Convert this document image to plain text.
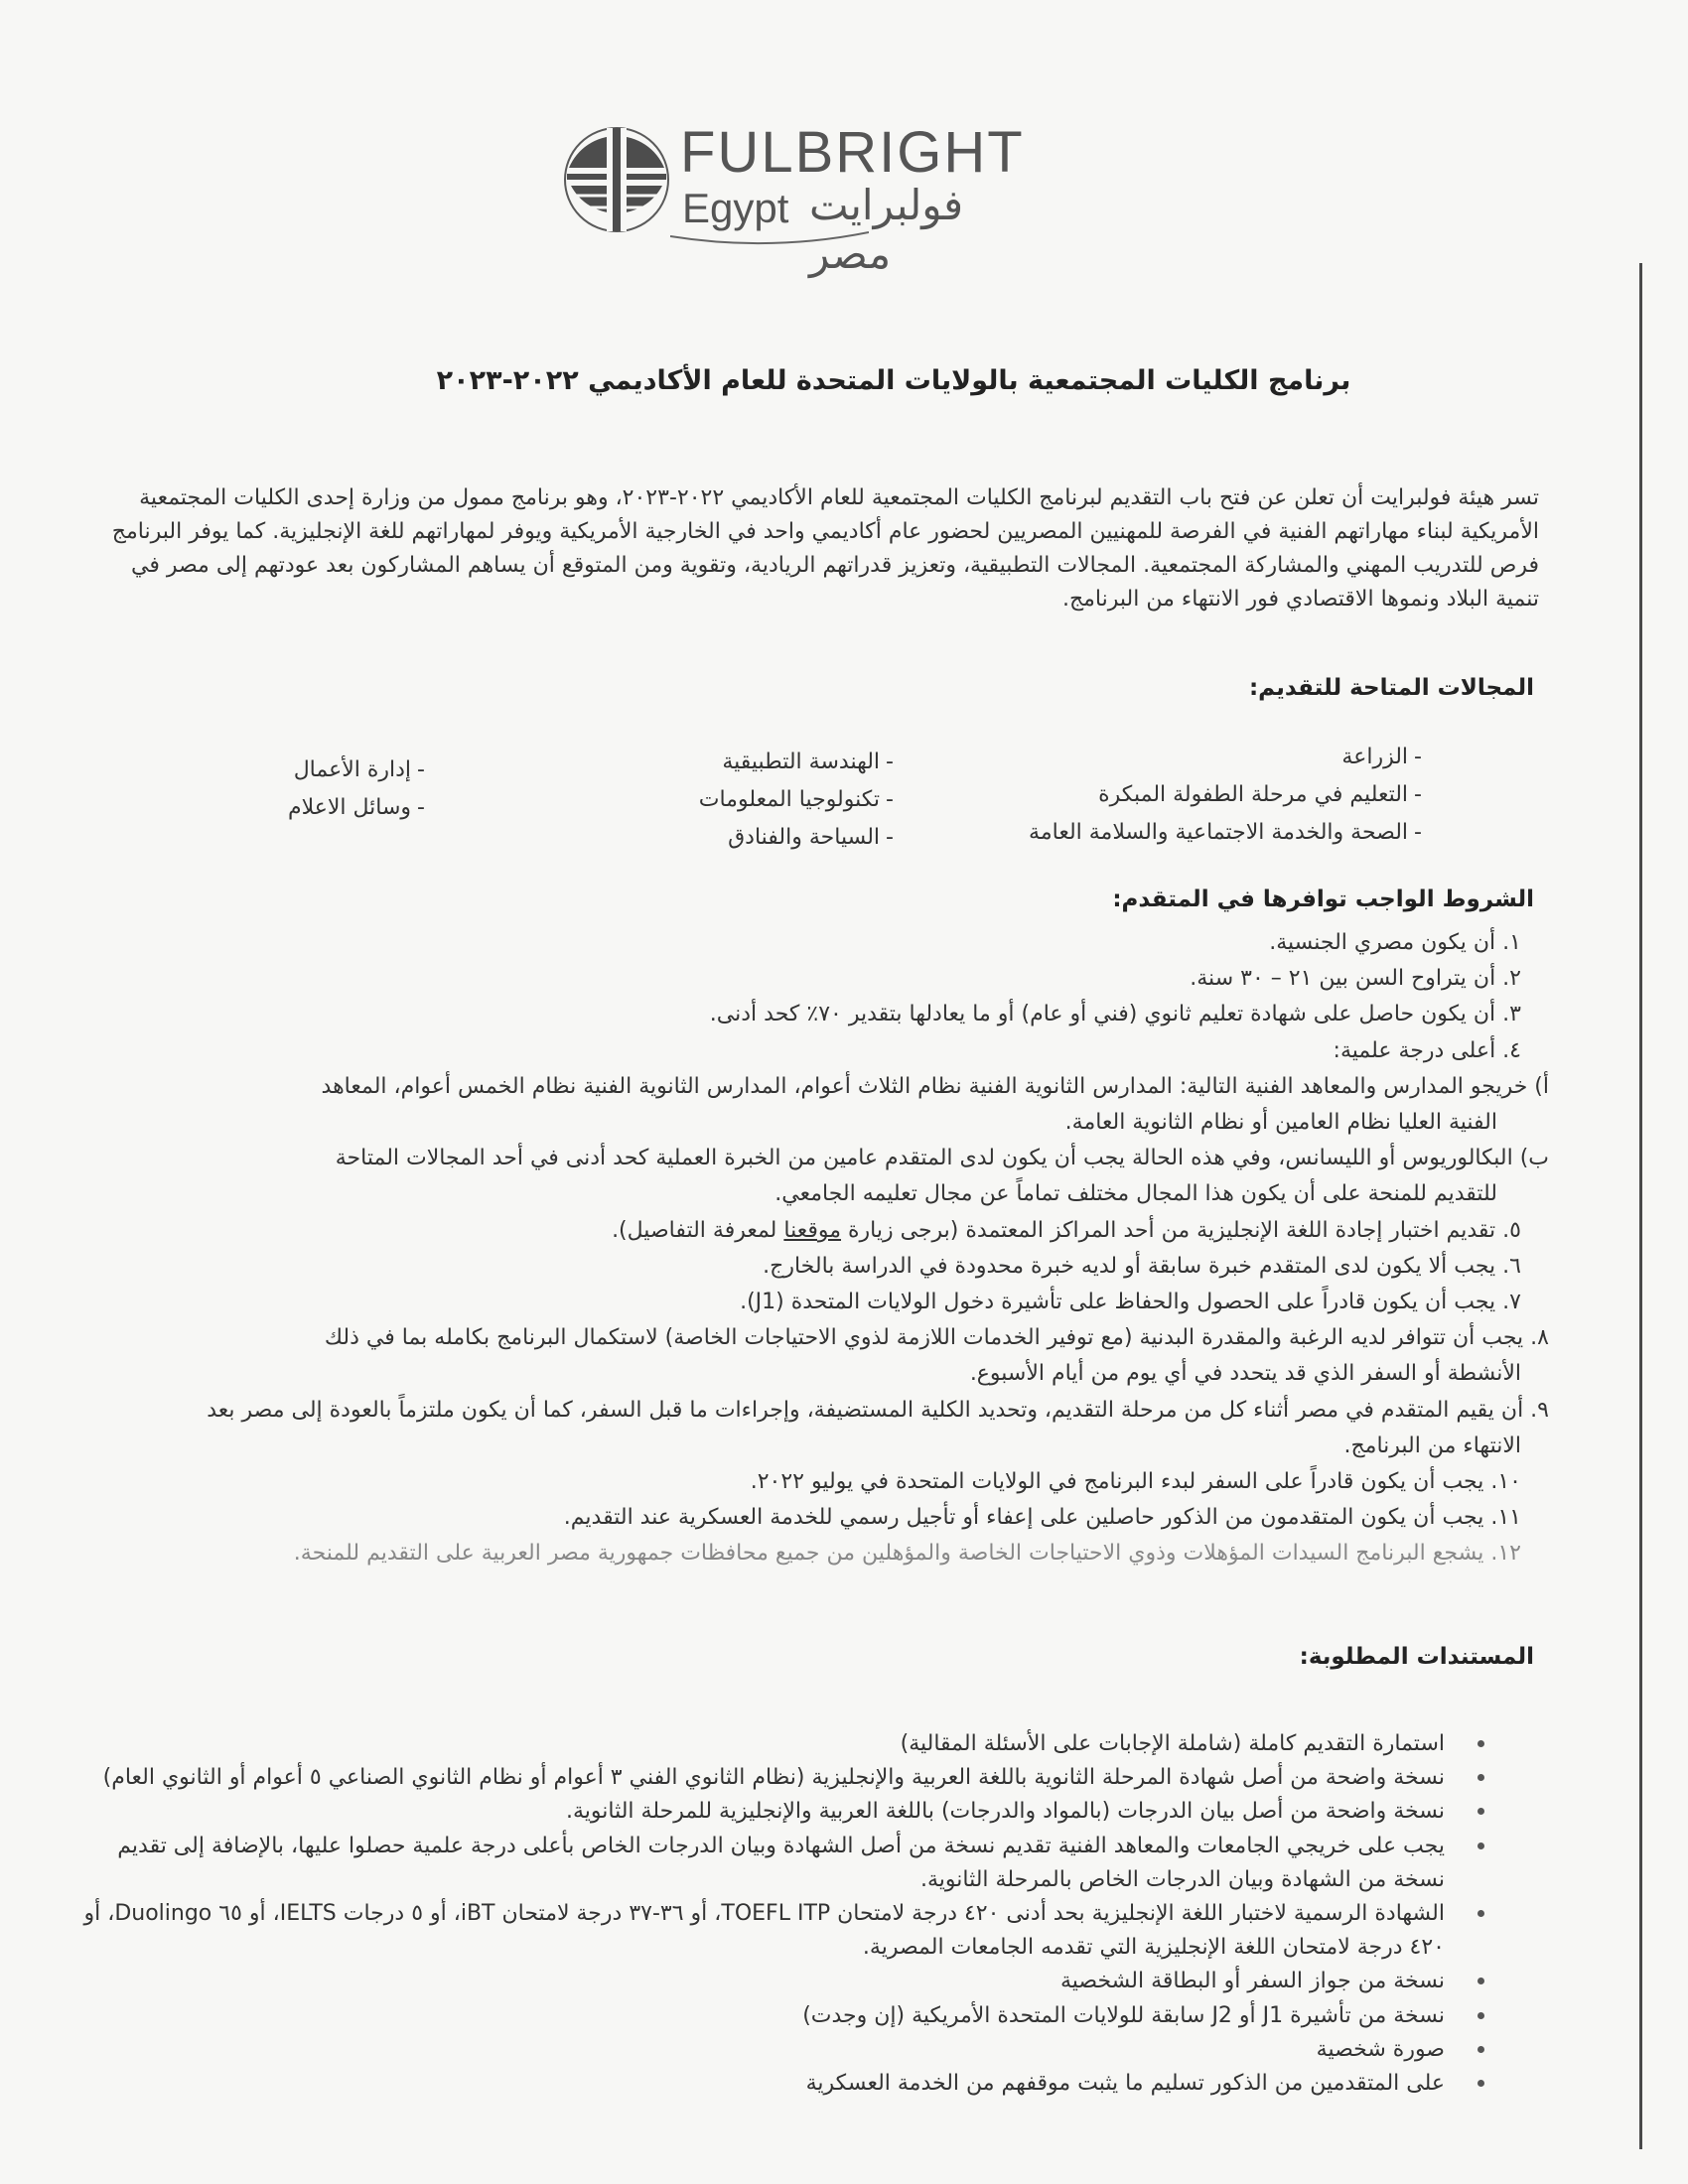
FULBRIGHT
Egypt فولبرايت مصر
برنامج الكليات المجتمعية بالولايات المتحدة للعام الأكاديمي ٢٠٢٢-٢٠٢٣
تسر هيئة فولبرايت أن تعلن عن فتح باب التقديم لبرنامج الكليات المجتمعية للعام الأكاديمي ٢٠٢٢-٢٠٢٣، وهو برنامج ممول من وزارة إحدى الكليات المجتمعية الأمريكية لبناء مهاراتهم الفنية في الفرصة للمهنيين المصريين لحضور عام أكاديمي واحد في الخارجية الأمريكية ويوفر لمهاراتهم للغة الإنجليزية. كما يوفر البرنامج فرص للتدريب المهني والمشاركة المجتمعية. المجالات التطبيقية، وتعزيز قدراتهم الريادية، وتقوية ومن المتوقع أن يساهم المشاركون بعد عودتهم إلى مصر في تنمية البلاد ونموها الاقتصادي فور الانتهاء من البرنامج.
المجالات المتاحة للتقديم:
-الزراعة
-التعليم في مرحلة الطفولة المبكرة
-الصحة والخدمة الاجتماعية والسلامة العامة
-الهندسة التطبيقية
-تكنولوجيا المعلومات
-السياحة والفنادق
-إدارة الأعمال
-وسائل الاعلام
الشروط الواجب توافرها في المتقدم:
١. أن يكون مصري الجنسية.
٢. أن يتراوح السن بين ٢١ – ٣٠ سنة.
٣. أن يكون حاصل على شهادة تعليم ثانوي (فني أو عام) أو ما يعادلها بتقدير ٧٠٪ كحد أدنى.
٤. أعلى درجة علمية:
أ) خريجو المدارس والمعاهد الفنية التالية: المدارس الثانوية الفنية نظام الثلاث أعوام، المدارس الثانوية الفنية نظام الخمس أعوام، المعاهد
الفنية العليا نظام العامين أو نظام الثانوية العامة.
ب) البكالوريوس أو الليسانس، وفي هذه الحالة يجب أن يكون لدى المتقدم عامين من الخبرة العملية كحد أدنى في أحد المجالات المتاحة
للتقديم للمنحة على أن يكون هذا المجال مختلف تماماً عن مجال تعليمه الجامعي.
٥. تقديم اختبار إجادة اللغة الإنجليزية من أحد المراكز المعتمدة (برجى زيارة موقعنا لمعرفة التفاصيل).
٦. يجب ألا يكون لدى المتقدم خبرة سابقة أو لديه خبرة محدودة في الدراسة بالخارج.
٧. يجب أن يكون قادراً على الحصول والحفاظ على تأشيرة دخول الولايات المتحدة (J1).
٨. يجب أن تتوافر لديه الرغبة والمقدرة البدنية (مع توفير الخدمات اللازمة لذوي الاحتياجات الخاصة) لاستكمال البرنامج بكامله بما في ذلك
الأنشطة أو السفر الذي قد يتحدد في أي يوم من أيام الأسبوع.
٩. أن يقيم المتقدم في مصر أثناء كل من مرحلة التقديم، وتحديد الكلية المستضيفة، وإجراءات ما قبل السفر، كما أن يكون ملتزماً بالعودة إلى مصر بعد
الانتهاء من البرنامج.
١٠. يجب أن يكون قادراً على السفر لبدء البرنامج في الولايات المتحدة في يوليو ٢٠٢٢.
١١. يجب أن يكون المتقدمون من الذكور حاصلين على إعفاء أو تأجيل رسمي للخدمة العسكرية عند التقديم.
١٢. يشجع البرنامج السيدات المؤهلات وذوي الاحتياجات الخاصة والمؤهلين من جميع محافظات جمهورية مصر العربية على التقديم للمنحة.
المستندات المطلوبة:
استمارة التقديم كاملة (شاملة الإجابات على الأسئلة المقالية)
نسخة واضحة من أصل شهادة المرحلة الثانوية باللغة العربية والإنجليزية (نظام الثانوي الفني ٣ أعوام أو نظام الثانوي الصناعي ٥ أعوام أو الثانوي العام)
نسخة واضحة من أصل بيان الدرجات (بالمواد والدرجات) باللغة العربية والإنجليزية للمرحلة الثانوية.
يجب على خريجي الجامعات والمعاهد الفنية تقديم نسخة من أصل الشهادة وبيان الدرجات الخاص بأعلى درجة علمية حصلوا عليها، بالإضافة إلى تقديم نسخة من الشهادة وبيان الدرجات الخاص بالمرحلة الثانوية.
الشهادة الرسمية لاختبار اللغة الإنجليزية بحد أدنى ٤٢٠ درجة لامتحان TOEFL ITP، أو ٣٦-٣٧ درجة لامتحان iBT، أو ٥ درجات IELTS، أو ٦٥ Duolingo، أو ٤٢٠ درجة لامتحان اللغة الإنجليزية التي تقدمه الجامعات المصرية.
نسخة من جواز السفر أو البطاقة الشخصية
نسخة من تأشيرة J1 أو J2 سابقة للولايات المتحدة الأمريكية (إن وجدت)
صورة شخصية
على المتقدمين من الذكور تسليم ما يثبت موقفهم من الخدمة العسكرية
